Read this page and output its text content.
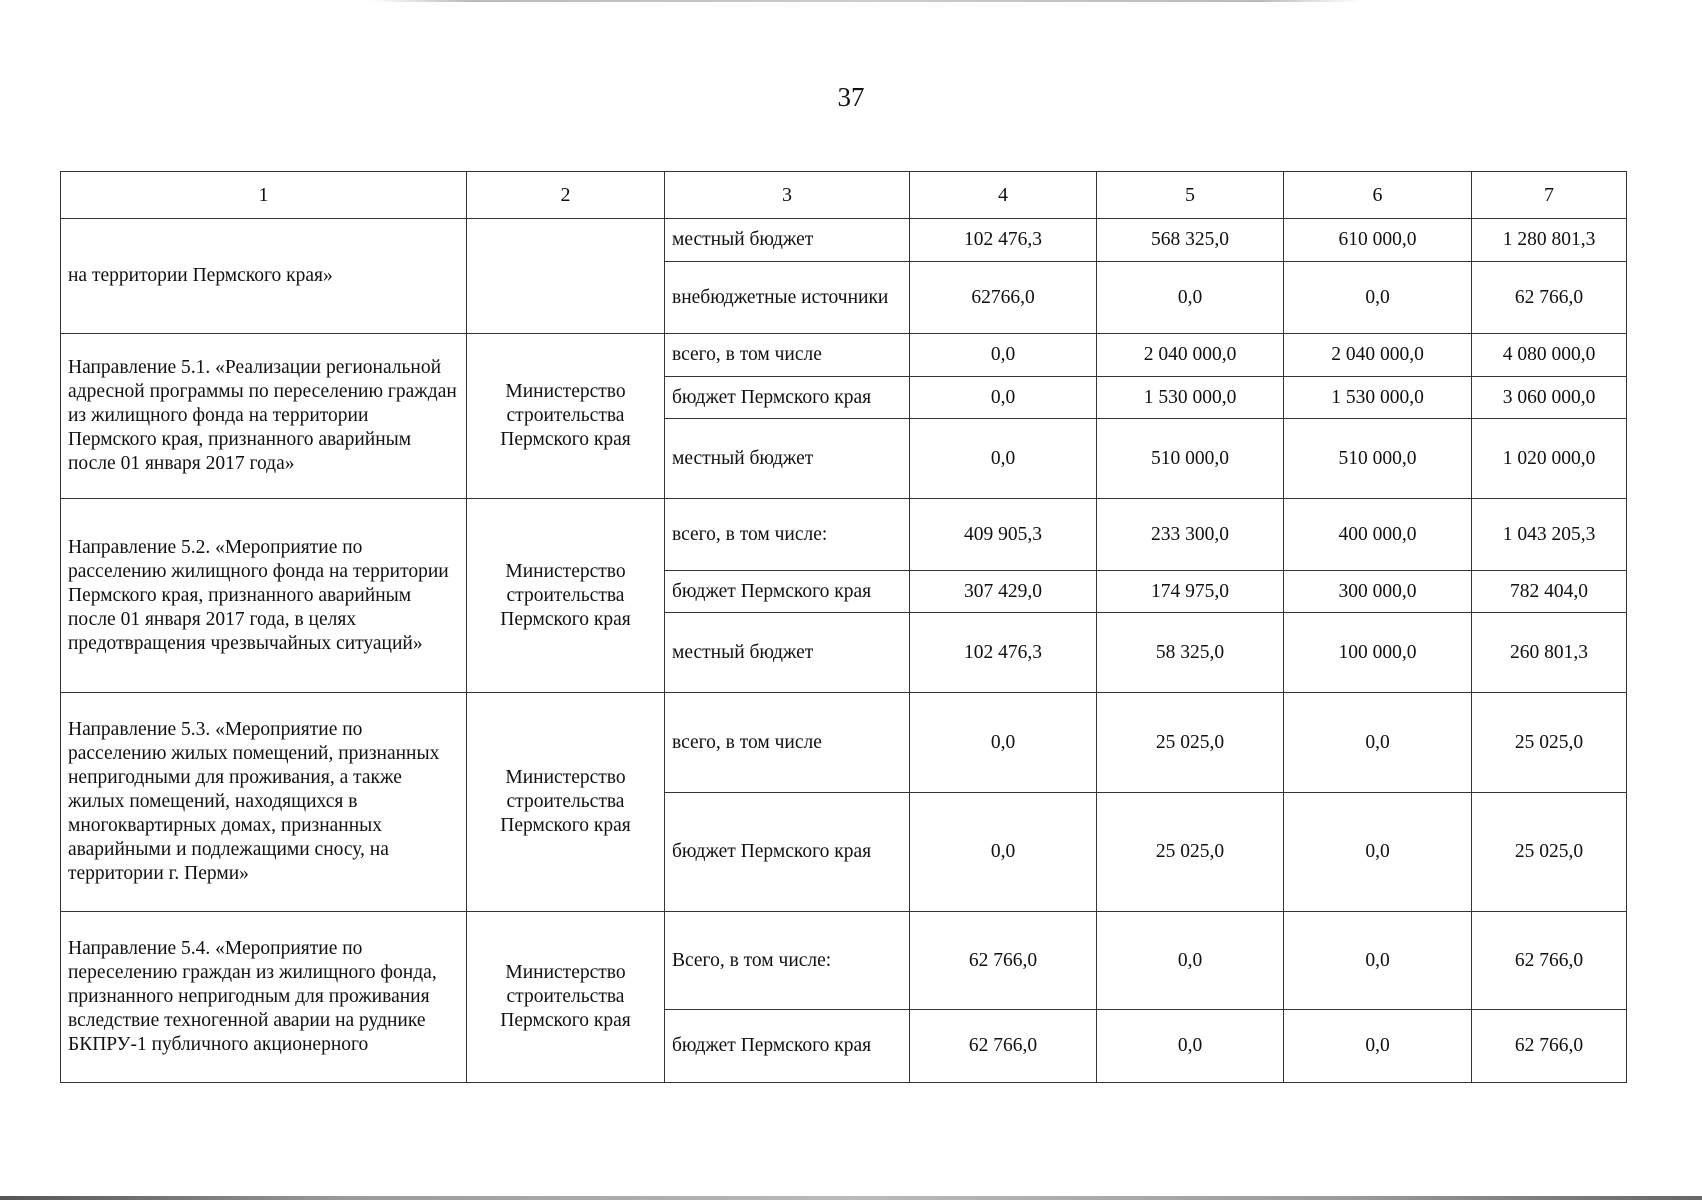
37
1	2	3	4	5	6	7
на территории Пермского края»		местный бюджет	102 476,3	568 325,0	610 000,0	1 280 801,3
		внебюджетные источники	62766,0	0,0	0,0	62 766,0
Направление 5.1. «Реализации региональной адресной программы по переселению граждан из жилищного фонда на территории Пермского края, признанного аварийным после 01 января 2017 года»	Министерство строительства Пермского края	всего, в том числе	0,0	2 040 000,0	2 040 000,0	4 080 000,0
		бюджет Пермского края	0,0	1 530 000,0	1 530 000,0	3 060 000,0
		местный бюджет	0,0	510 000,0	510 000,0	1 020 000,0
Направление 5.2. «Мероприятие по расселению жилищного фонда на территории Пермского края, признанного аварийным после 01 января 2017 года, в целях предотвращения чрезвычайных ситуаций»	Министерство строительства Пермского края	всего, в том числе:	409 905,3	233 300,0	400 000,0	1 043 205,3
		бюджет Пермского края	307 429,0	174 975,0	300 000,0	782 404,0
		местный бюджет	102 476,3	58 325,0	100 000,0	260 801,3
Направление 5.3. «Мероприятие по расселению жилых помещений, признанных непригодными для проживания, а также жилых помещений, находящихся в многоквартирных домах, признанных аварийными и подлежащими сносу, на территории г. Перми»	Министерство строительства Пермского края	всего, в том числе	0,0	25 025,0	0,0	25 025,0
		бюджет Пермского края	0,0	25 025,0	0,0	25 025,0
Направление 5.4. «Мероприятие по переселению граждан из жилищного фонда, признанного непригодным для проживания вследствие техногенной аварии на руднике БКПРУ-1 публичного акционерного	Министерство строительства Пермского края	Всего, в том числе:	62 766,0	0,0	0,0	62 766,0
		бюджет Пермского края	62 766,0	0,0	0,0	62 766,0
